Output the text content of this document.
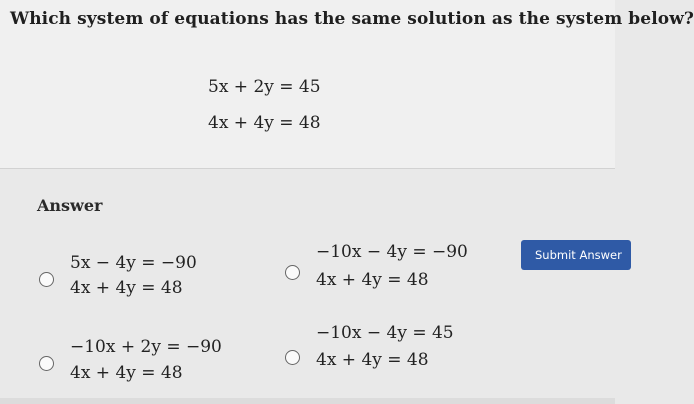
Which system of equations has the same solution as the system below?
5x + 2y = 45
4x + 4y = 48
Answer
Submit Answer
5x − 4y = −90
4x + 4y = 48
−10x − 4y = −90
4x + 4y = 48
−10x + 2y = −90
4x + 4y = 48
−10x − 4y = 45
4x + 4y = 48
